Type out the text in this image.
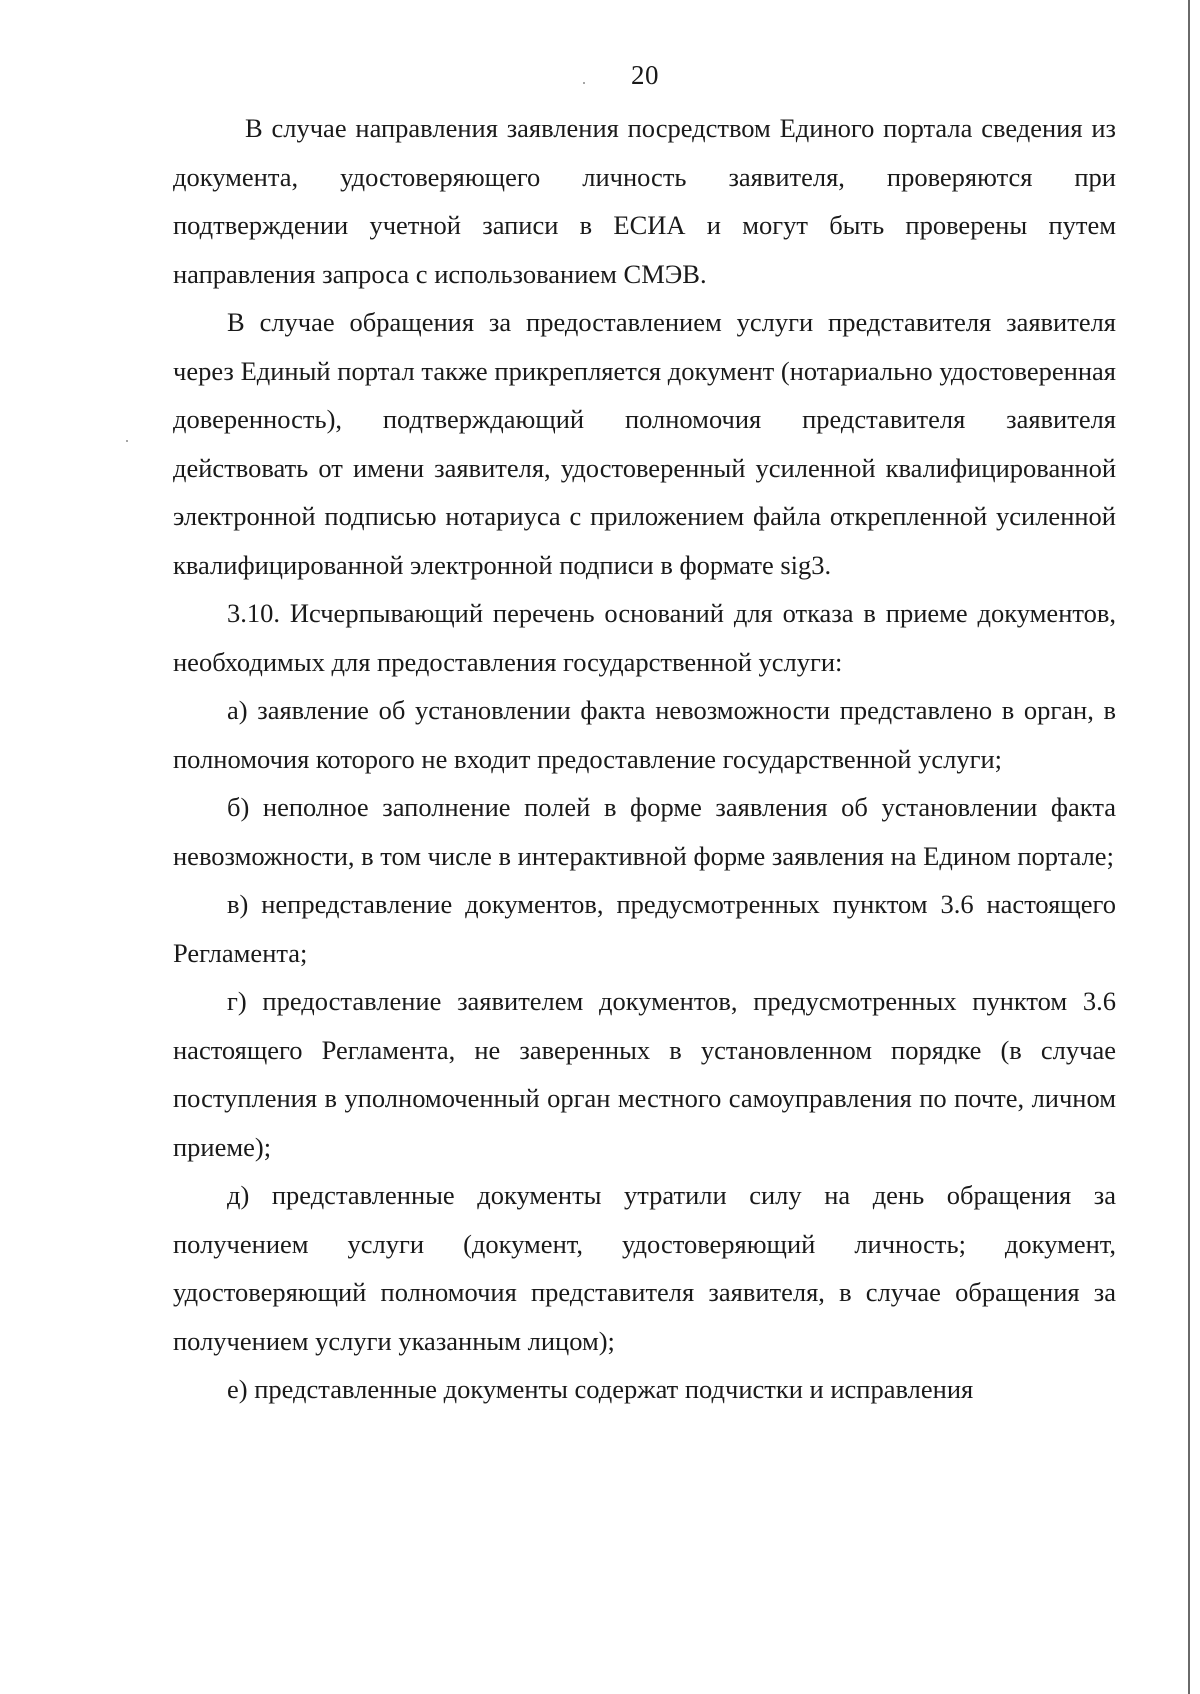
20

В случае направления заявления посредством Единого портала сведения из документа, удостоверяющего личность заявителя, проверяются при подтверждении учетной записи в ЕСИА и могут быть проверены путем направления запроса с использованием СМЭВ.

В случае обращения за предоставлением услуги представителя заявителя через Единый портал также прикрепляется документ (нотариально удостоверенная доверенность), подтверждающий полномочия представителя заявителя действовать от имени заявителя, удостоверенный усиленной квалифицированной электронной подписью нотариуса с приложением файла открепленной усиленной квалифицированной электронной подписи в формате sig3.

3.10. Исчерпывающий перечень оснований для отказа в приеме документов, необходимых для предоставления государственной услуги:

а) заявление об установлении факта невозможности представлено в орган, в полномочия которого не входит предоставление государственной услуги;

б) неполное заполнение полей в форме заявления об установлении факта невозможности, в том числе в интерактивной форме заявления на Едином портале;

в) непредставление документов, предусмотренных пунктом 3.6 настоящего Регламента;

г) предоставление заявителем документов, предусмотренных пунктом 3.6 настоящего Регламента, не заверенных в установленном порядке (в случае поступления в уполномоченный орган местного самоуправления по почте, личном приеме);

д) представленные документы утратили силу на день обращения за получением услуги (документ, удостоверяющий личность; документ, удостоверяющий полномочия представителя заявителя, в случае обращения за получением услуги указанным лицом);

е) представленные документы содержат подчистки и исправления
